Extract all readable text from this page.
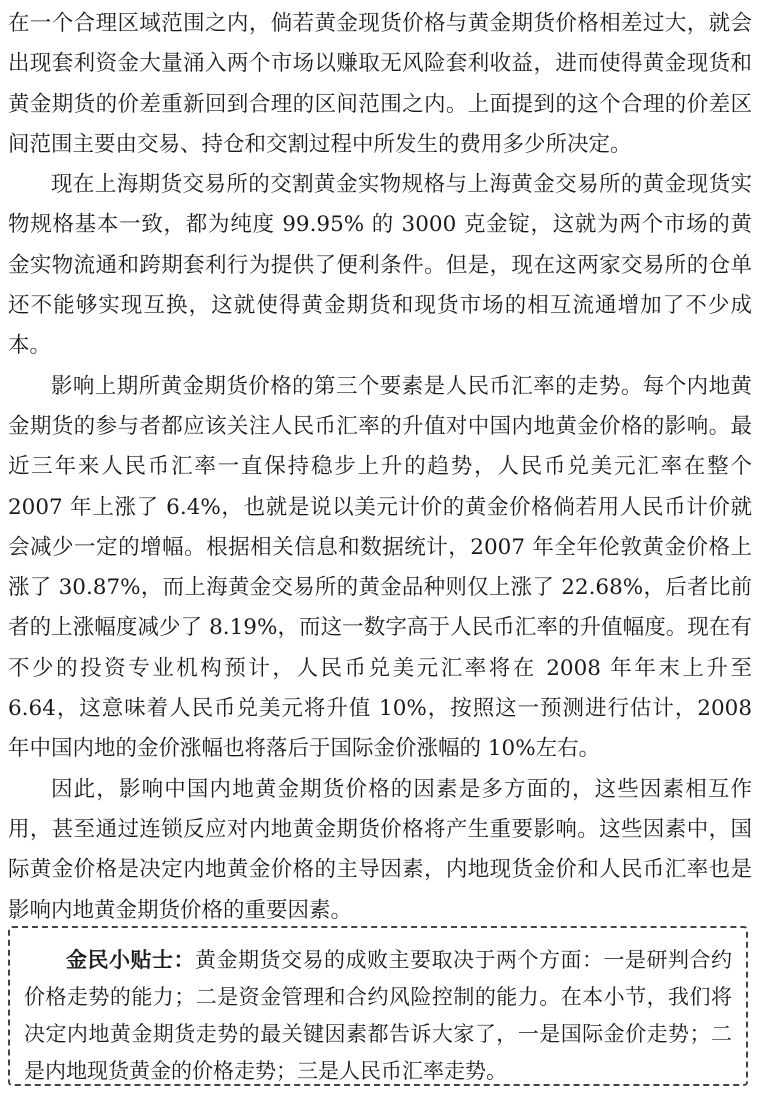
在一个合理区域范围之内，倘若黄金现货价格与黄金期货价格相差过大，就会出现套利资金大量涌入两个市场以赚取无风险套利收益，进而使得黄金现货和黄金期货的价差重新回到合理的区间范围之内。上面提到的这个合理的价差区间范围主要由交易、持仓和交割过程中所发生的费用多少所决定。

现在上海期货交易所的交割黄金实物规格与上海黄金交易所的黄金现货实物规格基本一致，都为纯度 99.95% 的 3000 克金锭，这就为两个市场的黄金实物流通和跨期套利行为提供了便利条件。但是，现在这两家交易所的仓单还不能够实现互换，这就使得黄金期货和现货市场的相互流通增加了不少成本。

影响上期所黄金期货价格的第三个要素是人民币汇率的走势。每个内地黄金期货的参与者都应该关注人民币汇率的升值对中国内地黄金价格的影响。最近三年来人民币汇率一直保持稳步上升的趋势，人民币兑美元汇率在整个 2007 年上涨了 6.4%，也就是说以美元计价的黄金价格倘若用人民币计价就会减少一定的增幅。根据相关信息和数据统计，2007 年全年伦敦黄金价格上涨了 30.87%，而上海黄金交易所的黄金品种则仅上涨了 22.68%，后者比前者的上涨幅度减少了 8.19%，而这一数字高于人民币汇率的升值幅度。现在有不少的投资专业机构预计，人民币兑美元汇率将在 2008 年年末上升至 6.64，这意味着人民币兑美元将升值 10%，按照这一预测进行估计，2008 年中国内地的金价涨幅也将落后于国际金价涨幅的 10%左右。

因此，影响中国内地黄金期货价格的因素是多方面的，这些因素相互作用，甚至通过连锁反应对内地黄金期货价格将产生重要影响。这些因素中，国际黄金价格是决定内地黄金价格的主导因素，内地现货金价和人民币汇率也是影响内地黄金期货价格的重要因素。

金民小贴士：黄金期货交易的成败主要取决于两个方面：一是研判合约价格走势的能力；二是资金管理和合约风险控制的能力。在本小节，我们将决定内地黄金期货走势的最关键因素都告诉大家了，一是国际金价走势；二是内地现货黄金的价格走势；三是人民币汇率走势。
